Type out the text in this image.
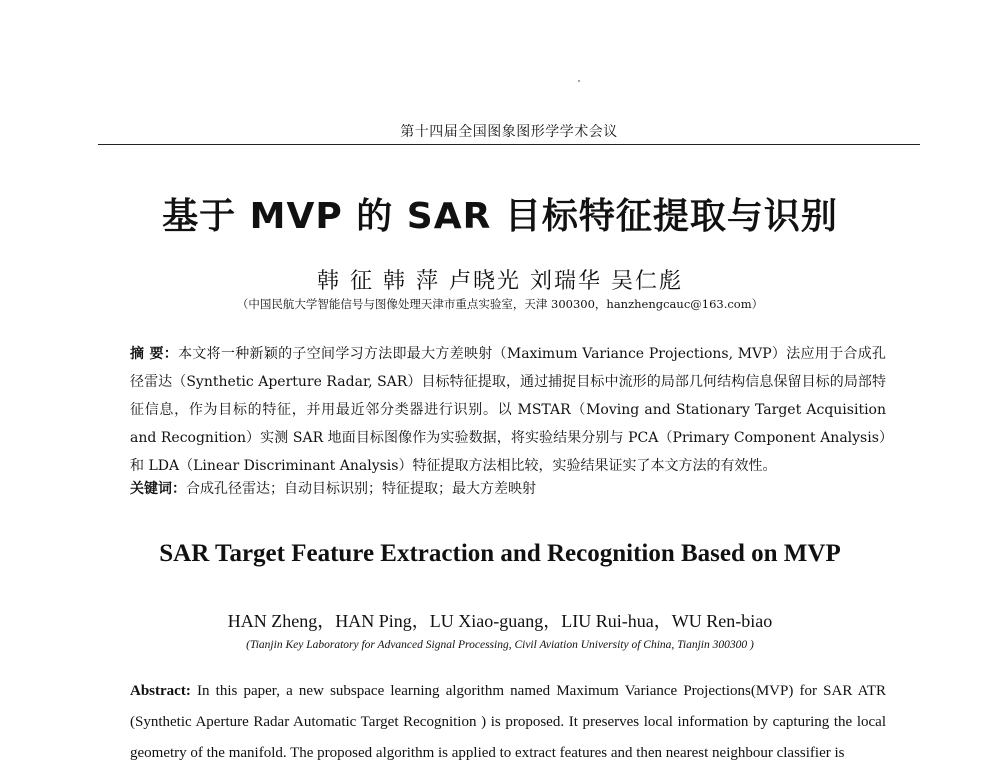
第十四届全国图象图形学学术会议
基于 MVP 的 SAR 目标特征提取与识别
韩 征 韩 萍 卢晓光 刘瑞华 吴仁彪
（中国民航大学智能信号与图像处理天津市重点实验室，天津 300300，hanzhengcauc@163.com）
摘 要：本文将一种新颖的子空间学习方法即最大方差映射（Maximum Variance Projections, MVP）法应用于合成孔径雷达（Synthetic Aperture Radar, SAR）目标特征提取，通过捕捉目标中流形的局部几何结构信息保留目标的局部特征信息，作为目标的特征，并用最近邻分类器进行识别。以 MSTAR（Moving and Stationary Target Acquisition and Recognition）实测 SAR 地面目标图像作为实验数据，将实验结果分别与 PCA（Primary Component Analysis）和 LDA（Linear Discriminant Analysis）特征提取方法相比较，实验结果证实了本文方法的有效性。
关键词：合成孔径雷达；自动目标识别；特征提取；最大方差映射
SAR Target Feature Extraction and Recognition Based on MVP
HAN Zheng，HAN Ping，LU Xiao-guang，LIU Rui-hua，WU Ren-biao
(Tianjin Key Laboratory for Advanced Signal Processing, Civil Aviation University of China, Tianjin 300300 )
Abstract: In this paper, a new subspace learning algorithm named Maximum Variance Projections(MVP) for SAR ATR (Synthetic Aperture Radar Automatic Target Recognition ) is proposed. It preserves local information by capturing the local geometry of the manifold. The proposed algorithm is applied to extract features and then nearest neighbour classifier is
